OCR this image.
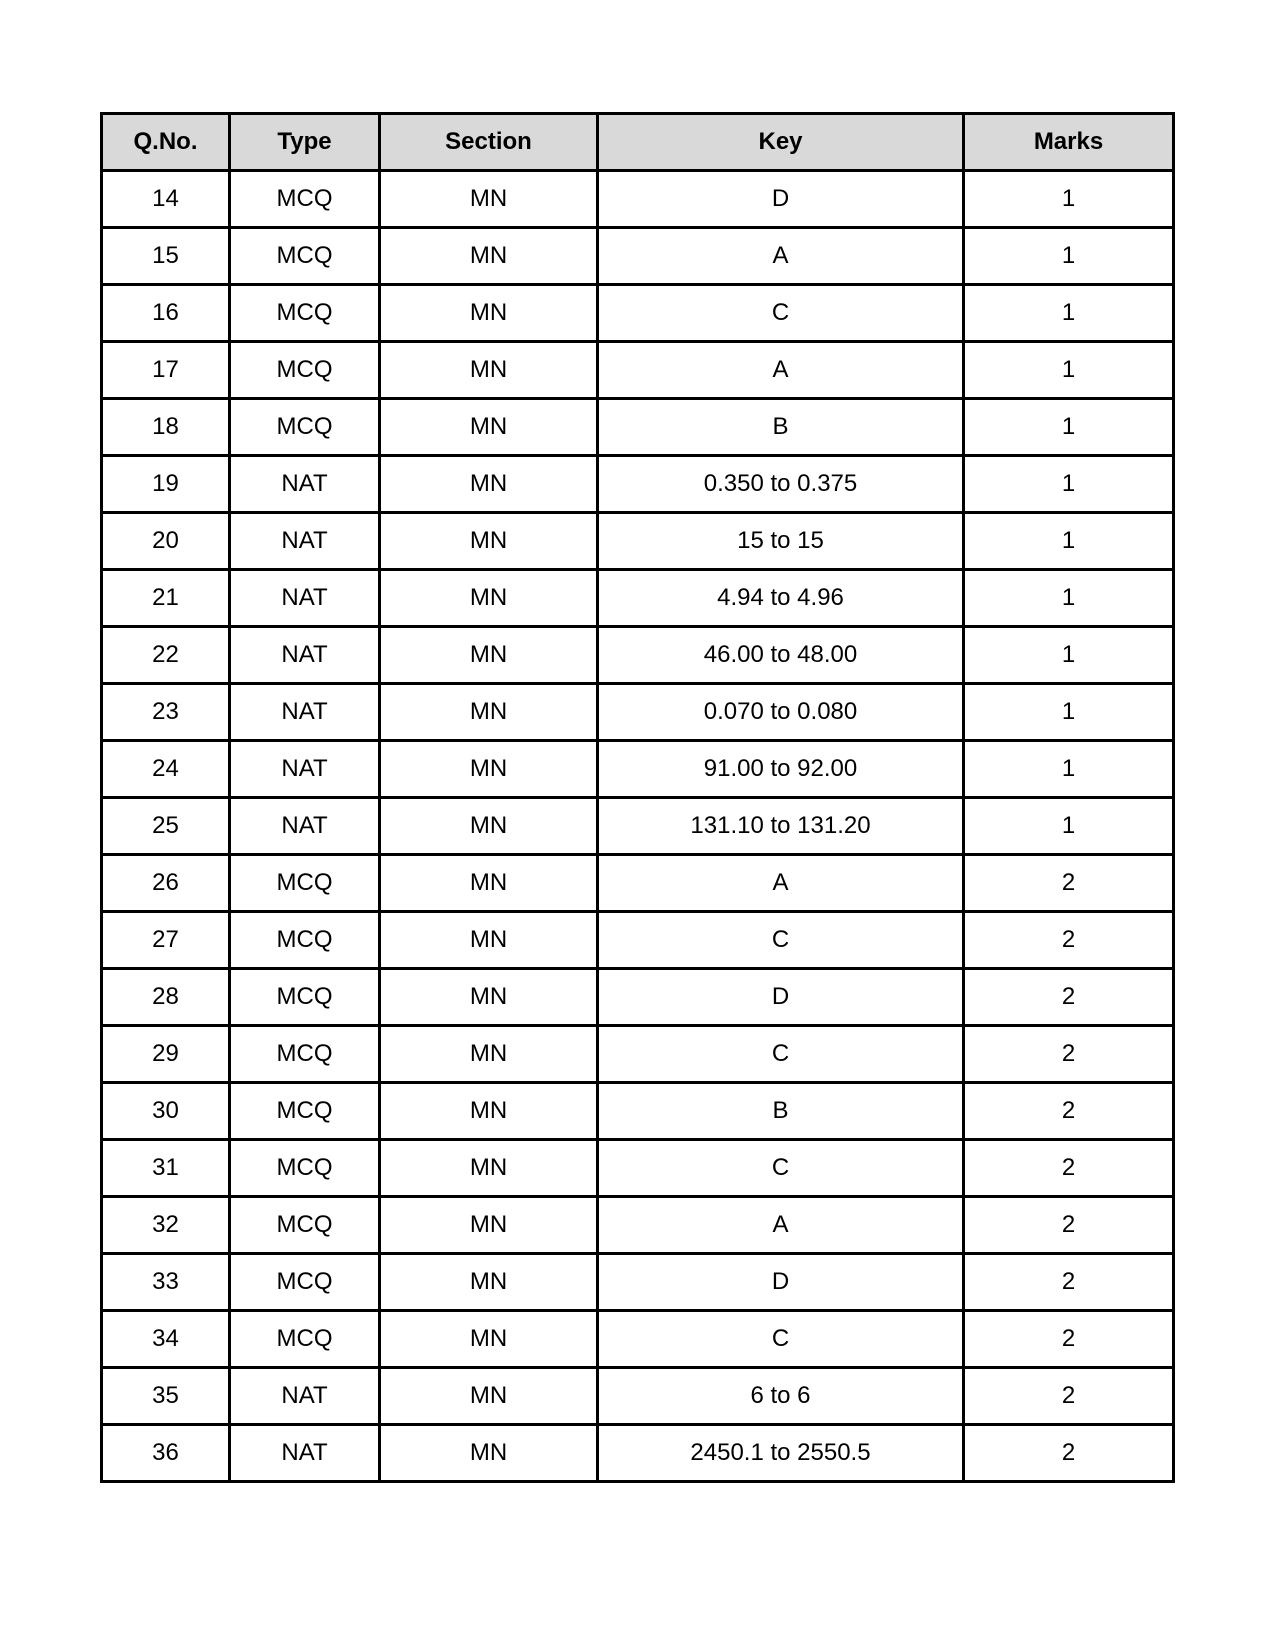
Q.No.	Type	Section	Key	Marks
14	MCQ	MN	D	1
15	MCQ	MN	A	1
16	MCQ	MN	C	1
17	MCQ	MN	A	1
18	MCQ	MN	B	1
19	NAT	MN	0.350 to 0.375	1
20	NAT	MN	15 to 15	1
21	NAT	MN	4.94 to 4.96	1
22	NAT	MN	46.00 to 48.00	1
23	NAT	MN	0.070 to 0.080	1
24	NAT	MN	91.00 to 92.00	1
25	NAT	MN	131.10 to 131.20	1
26	MCQ	MN	A	2
27	MCQ	MN	C	2
28	MCQ	MN	D	2
29	MCQ	MN	C	2
30	MCQ	MN	B	2
31	MCQ	MN	C	2
32	MCQ	MN	A	2
33	MCQ	MN	D	2
34	MCQ	MN	C	2
35	NAT	MN	6 to 6	2
36	NAT	MN	2450.1 to 2550.5	2
